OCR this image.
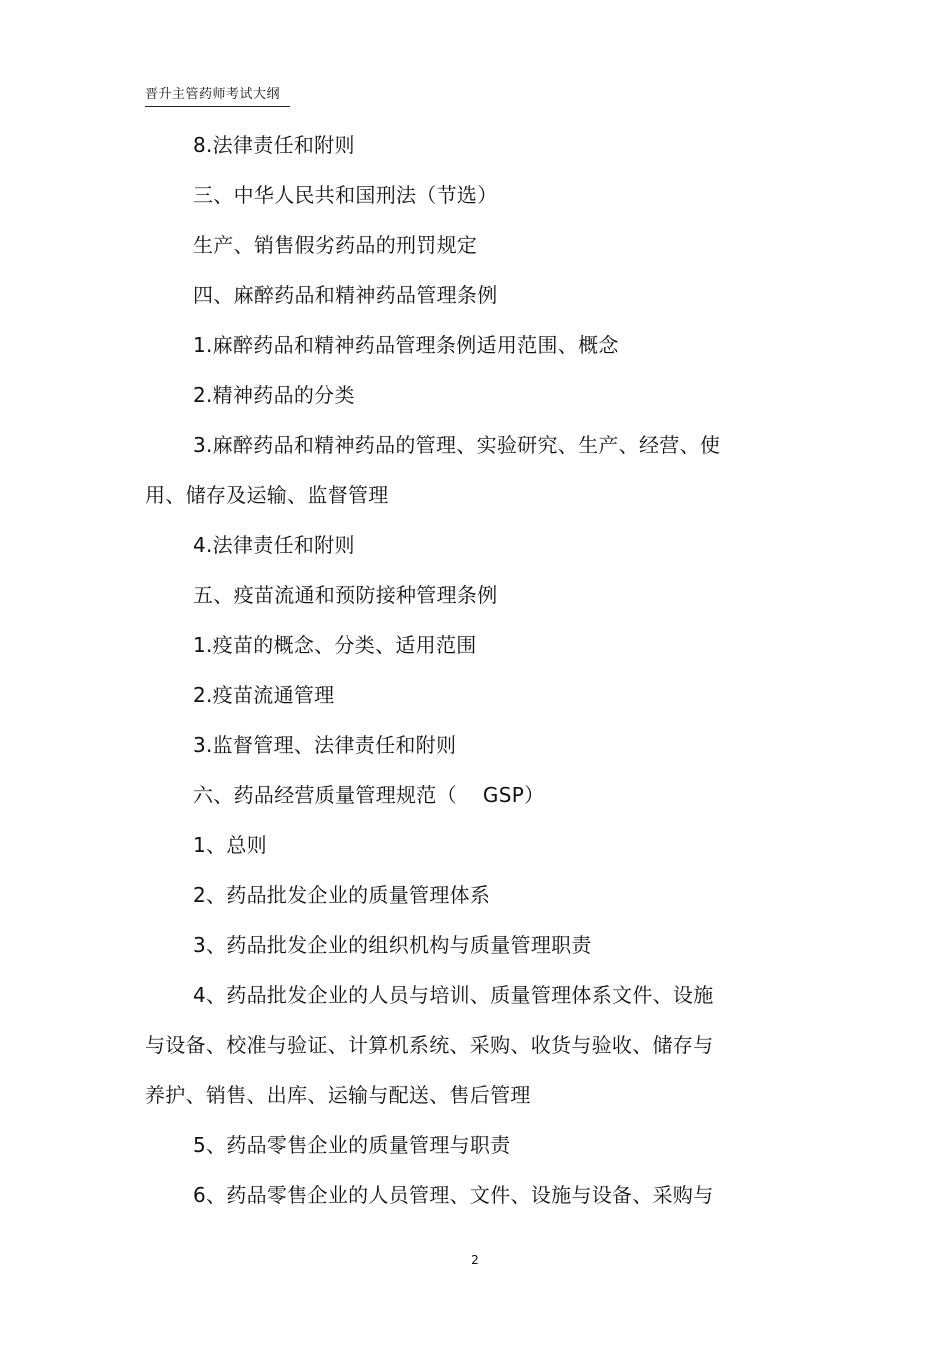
晋升主管药师考试大纲
8.法律责任和附则
三、中华人民共和国刑法（节选）
生产、销售假劣药品的刑罚规定
四、麻醉药品和精神药品管理条例
1.麻醉药品和精神药品管理条例适用范围、概念
2.精神药品的分类
3.麻醉药品和精神药品的管理、实验研究、生产、经营、使
用、储存及运输、监督管理
4.法律责任和附则
五、疫苗流通和预防接种管理条例
1.疫苗的概念、分类、适用范围
2.疫苗流通管理
3.监督管理、法律责任和附则
六、药品经营质量管理规范（ GSP）
1、总则
2、药品批发企业的质量管理体系
3、药品批发企业的组织机构与质量管理职责
4、药品批发企业的人员与培训、质量管理体系文件、设施
与设备、校准与验证、计算机系统、采购、收货与验收、储存与
养护、销售、出库、运输与配送、售后管理
5、药品零售企业的质量管理与职责
6、药品零售企业的人员管理、文件、设施与设备、采购与
2
